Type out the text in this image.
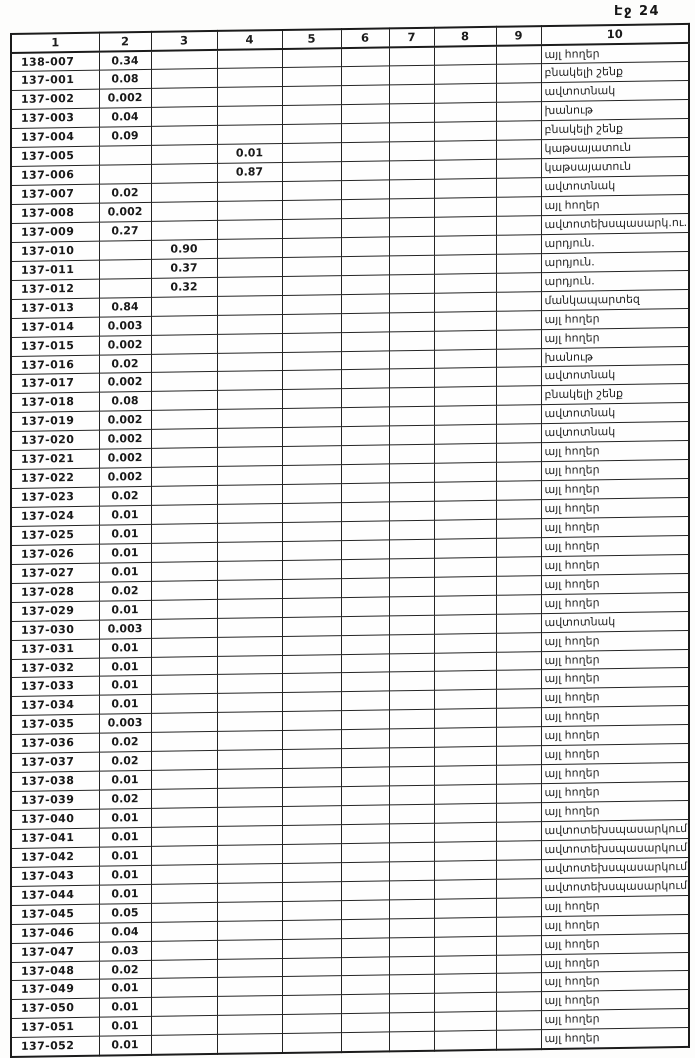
Էջ 24
1	2	3	4	5	6	7	8	9	10
138-007	0.34								այլ հողեր
137-001	0.08								բնակելի շենք
137-002	0.002								ավտոտնակ
137-003	0.04								խանութ
137-004	0.09								բնակելի շենք
137-005			0.01						կաթսայատուն
137-006			0.87						կաթսայատուն
137-007	0.02								ավտոտնակ
137-008	0.002								այլ հողեր
137-009	0.27								ավտոտեխսպասարկ.ու.
137-010		0.90							արդյուն.
137-011		0.37							արդյուն.
137-012		0.32							արդյուն.
137-013	0.84								մանկապարտեզ
137-014	0.003								այլ հողեր
137-015	0.002								այլ հողեր
137-016	0.02								խանութ
137-017	0.002								ավտոտնակ
137-018	0.08								բնակելի շենք
137-019	0.002								ավտոտնակ
137-020	0.002								ավտոտնակ
137-021	0.002								այլ հողեր
137-022	0.002								այլ հողեր
137-023	0.02								այլ հողեր
137-024	0.01								այլ հողեր
137-025	0.01								այլ հողեր
137-026	0.01								այլ հողեր
137-027	0.01								այլ հողեր
137-028	0.02								այլ հողեր
137-029	0.01								այլ հողեր
137-030	0.003								ավտոտնակ
137-031	0.01								այլ հողեր
137-032	0.01								այլ հողեր
137-033	0.01								այլ հողեր
137-034	0.01								այլ հողեր
137-035	0.003								այլ հողեր
137-036	0.02								այլ հողեր
137-037	0.02								այլ հողեր
137-038	0.01								այլ հողեր
137-039	0.02								այլ հողեր
137-040	0.01								այլ հողեր
137-041	0.01								ավտոտեխսպասարկում
137-042	0.01								ավտոտեխսպասարկում
137-043	0.01								ավտոտեխսպասարկում
137-044	0.01								ավտոտեխսպասարկում
137-045	0.05								այլ հողեր
137-046	0.04								այլ հողեր
137-047	0.03								այլ հողեր
137-048	0.02								այլ հողեր
137-049	0.01								այլ հողեր
137-050	0.01								այլ հողեր
137-051	0.01								այլ հողեր
137-052	0.01								այլ հողեր
